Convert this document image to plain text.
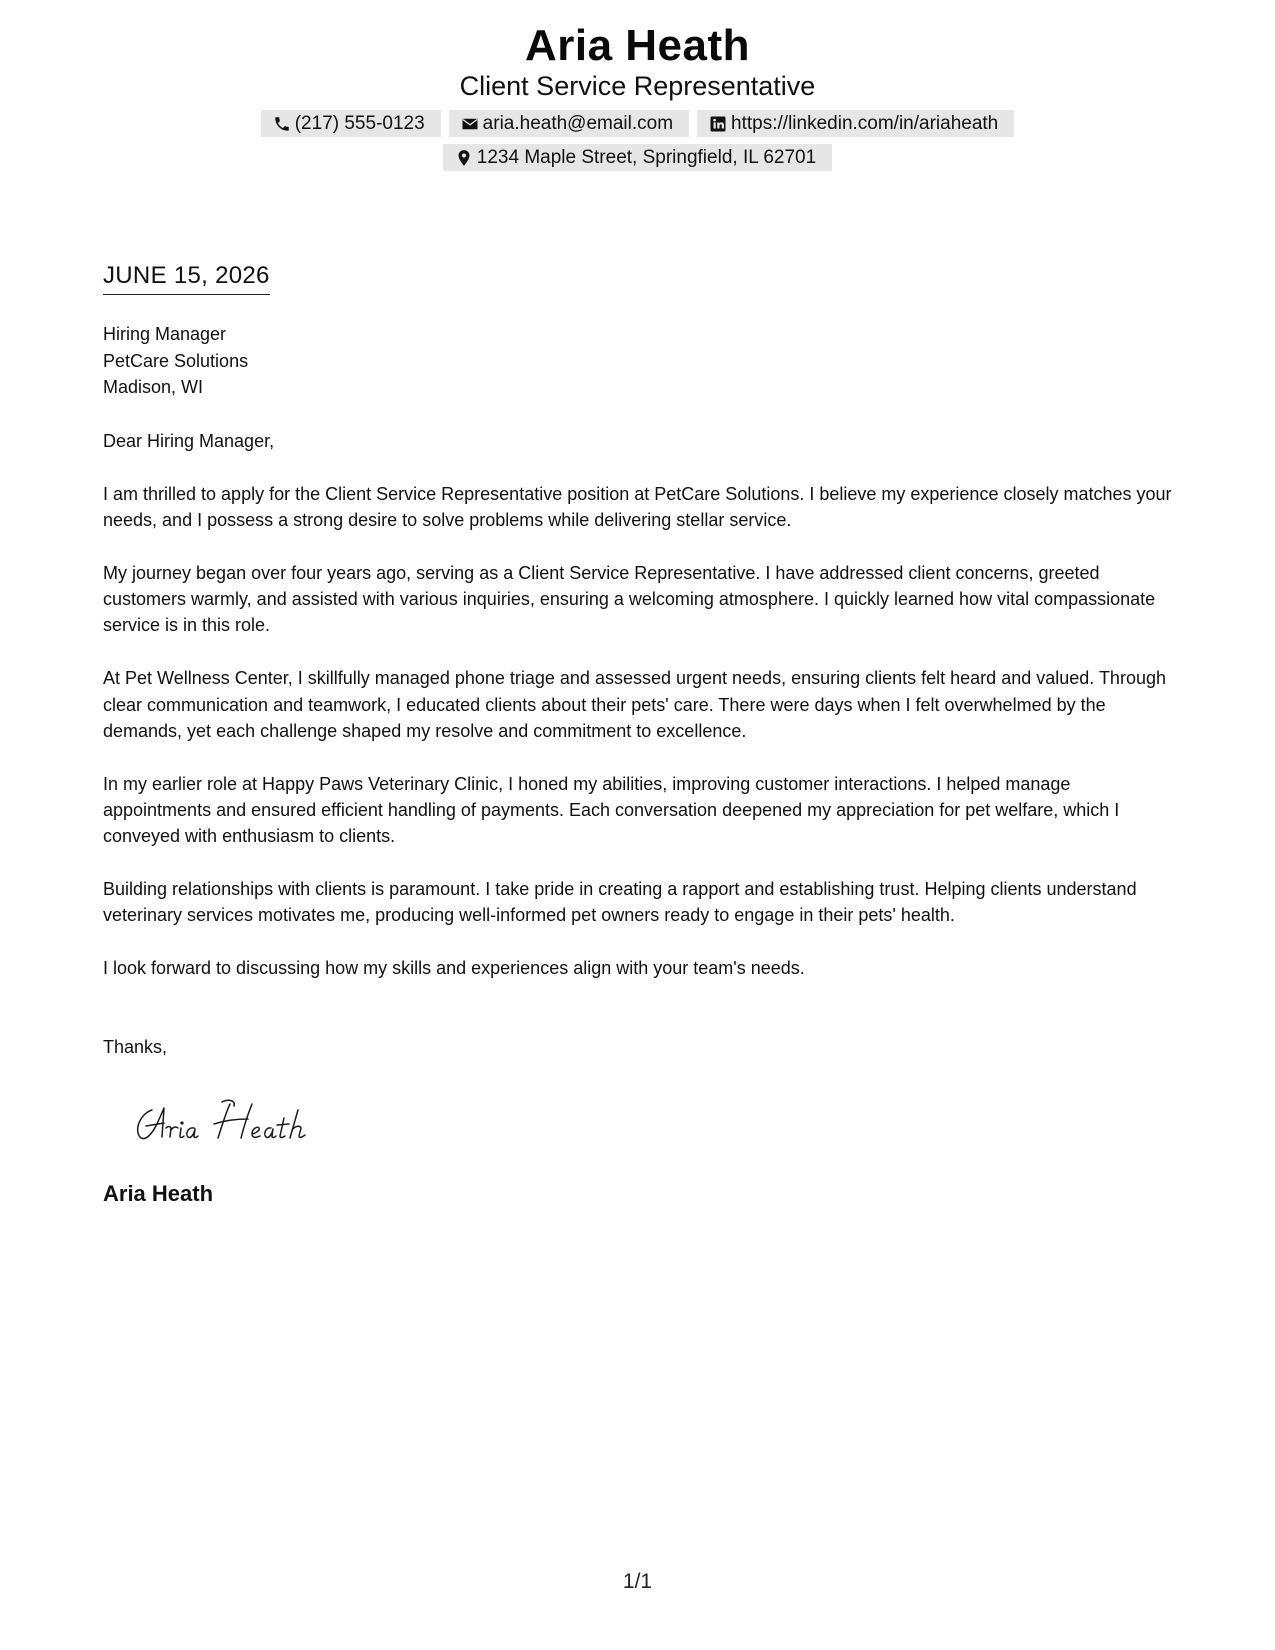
Aria Heath
Client Service Representative
(217) 555-0123	aria.heath@email.com	https://linkedin.com/in/ariaheath
1234 Maple Street, Springfield, IL 62701
JUNE 15, 2026
Hiring Manager
PetCare Solutions
Madison, WI

Dear Hiring Manager,

I am thrilled to apply for the Client Service Representative position at PetCare Solutions. I believe my experience closely matches your needs, and I possess a strong desire to solve problems while delivering stellar service.

My journey began over four years ago, serving as a Client Service Representative. I have addressed client concerns, greeted customers warmly, and assisted with various inquiries, ensuring a welcoming atmosphere. I quickly learned how vital compassionate service is in this role.

At Pet Wellness Center, I skillfully managed phone triage and assessed urgent needs, ensuring clients felt heard and valued. Through clear communication and teamwork, I educated clients about their pets' care. There were days when I felt overwhelmed by the demands, yet each challenge shaped my resolve and commitment to excellence.

In my earlier role at Happy Paws Veterinary Clinic, I honed my abilities, improving customer interactions. I helped manage appointments and ensured efficient handling of payments. Each conversation deepened my appreciation for pet welfare, which I conveyed with enthusiasm to clients.

Building relationships with clients is paramount. I take pride in creating a rapport and establishing trust. Helping clients understand veterinary services motivates me, producing well-informed pet owners ready to engage in their pets' health.

I look forward to discussing how my skills and experiences align with your team's needs.

Thanks,
Aria Heath
1/1
